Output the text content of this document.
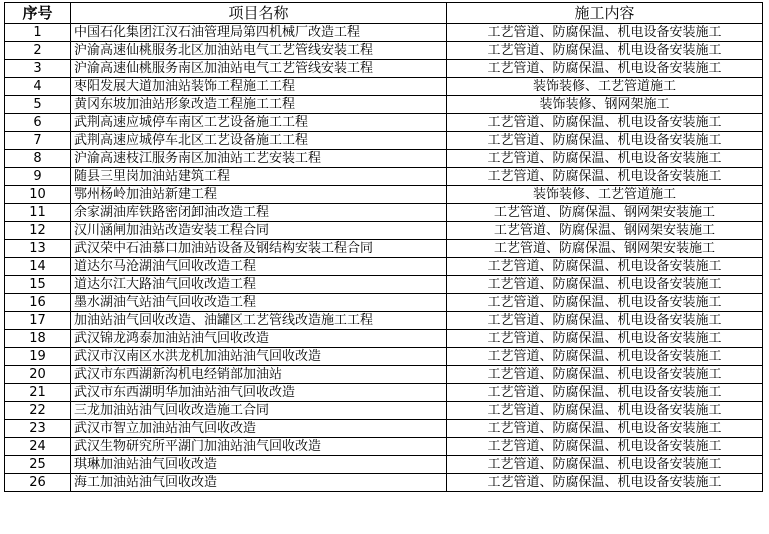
序号	项目名称	施工内容
1	中国石化集团江汉石油管理局第四机械厂改造工程	工艺管道、防腐保温、机电设备安装施工
2	沪渝高速仙桃服务北区加油站电气工艺管线安装工程	工艺管道、防腐保温、机电设备安装施工
3	沪渝高速仙桃服务南区加油站电气工艺管线安装工程	工艺管道、防腐保温、机电设备安装施工
4	枣阳发展大道加油站装饰工程施工工程	装饰装修、工艺管道施工
5	黄冈东坡加油站形象改造工程施工工程	装饰装修、钢网架施工
6	武荆高速应城停车南区工艺设备施工工程	工艺管道、防腐保温、机电设备安装施工
7	武荆高速应城停车北区工艺设备施工工程	工艺管道、防腐保温、机电设备安装施工
8	沪渝高速枝江服务南区加油站工艺安装工程	工艺管道、防腐保温、机电设备安装施工
9	随县三里岗加油站建筑工程	工艺管道、防腐保温、机电设备安装施工
10	鄂州杨岭加油站新建工程	装饰装修、工艺管道施工
11	余家湖油库铁路密闭卸油改造工程	工艺管道、防腐保温、钢网架安装施工
12	汉川涵闸加油站改造安装工程合同	工艺管道、防腐保温、钢网架安装施工
13	武汉荣中石油慕口加油站设备及钢结构安装工程合同	工艺管道、防腐保温、钢网架安装施工
14	道达尔马沧湖油气回收改造工程	工艺管道、防腐保温、机电设备安装施工
15	道达尔江大路油气回收改造工程	工艺管道、防腐保温、机电设备安装施工
16	墨水湖油气站油气回收改造工程	工艺管道、防腐保温、机电设备安装施工
17	加油站油气回收改造、油罐区工艺管线改造施工工程	工艺管道、防腐保温、机电设备安装施工
18	武汉锦龙鸿泰加油站油气回收改造	工艺管道、防腐保温、机电设备安装施工
19	武汉市汉南区水洪龙机加油站油气回收改造	工艺管道、防腐保温、机电设备安装施工
20	武汉市东西湖新沟机电经销部加油站	工艺管道、防腐保温、机电设备安装施工
21	武汉市东西湖明华加油站油气回收改造	工艺管道、防腐保温、机电设备安装施工
22	三龙加油站油气回收改造施工合同	工艺管道、防腐保温、机电设备安装施工
23	武汉市智立加油站油气回收改造	工艺管道、防腐保温、机电设备安装施工
24	武汉生物研究所平湖门加油站油气回收改造	工艺管道、防腐保温、机电设备安装施工
25	琪琳加油站油气回收改造	工艺管道、防腐保温、机电设备安装施工
26	海工加油站油气回收改造	工艺管道、防腐保温、机电设备安装施工
